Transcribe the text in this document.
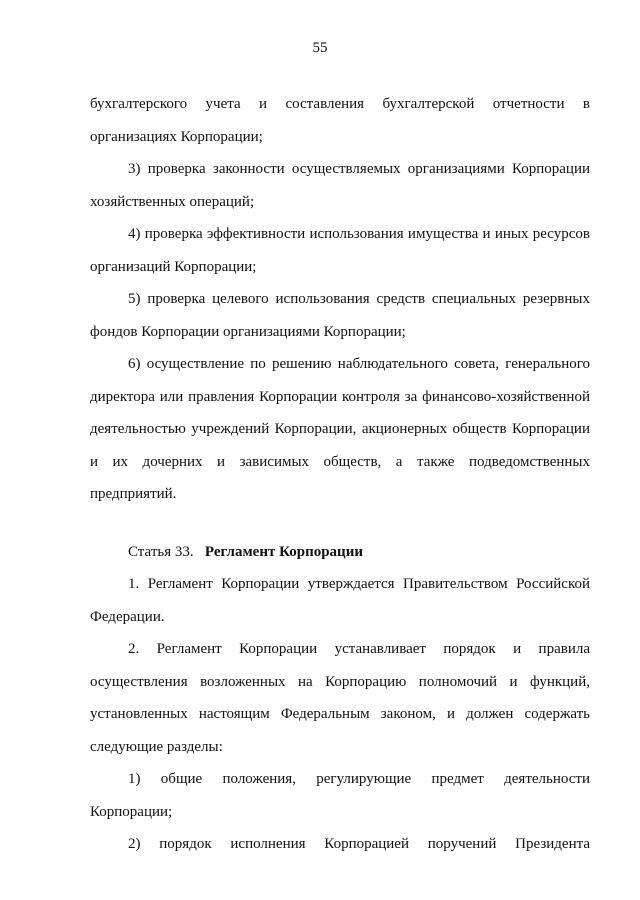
55

бухгалтерского учета и составления бухгалтерской отчетности в организациях Корпорации;

3) проверка законности осуществляемых организациями Корпорации хозяйственных операций;

4) проверка эффективности использования имущества и иных ресурсов организаций Корпорации;

5) проверка целевого использования средств специальных резервных фондов Корпорации организациями Корпорации;

6) осуществление по решению наблюдательного совета, генерального директора или правления Корпорации контроля за финансово-хозяйственной деятельностью учреждений Корпорации, акционерных обществ Корпорации и их дочерних и зависимых обществ, а также подведомственных предприятий.

Статья 33. Регламент Корпорации

1. Регламент Корпорации утверждается Правительством Российской Федерации.

2. Регламент Корпорации устанавливает порядок и правила осуществления возложенных на Корпорацию полномочий и функций, установленных настоящим Федеральным законом, и должен содержать следующие разделы:

1) общие положения, регулирующие предмет деятельности Корпорации;

2) порядок исполнения Корпорацией поручений Президента
